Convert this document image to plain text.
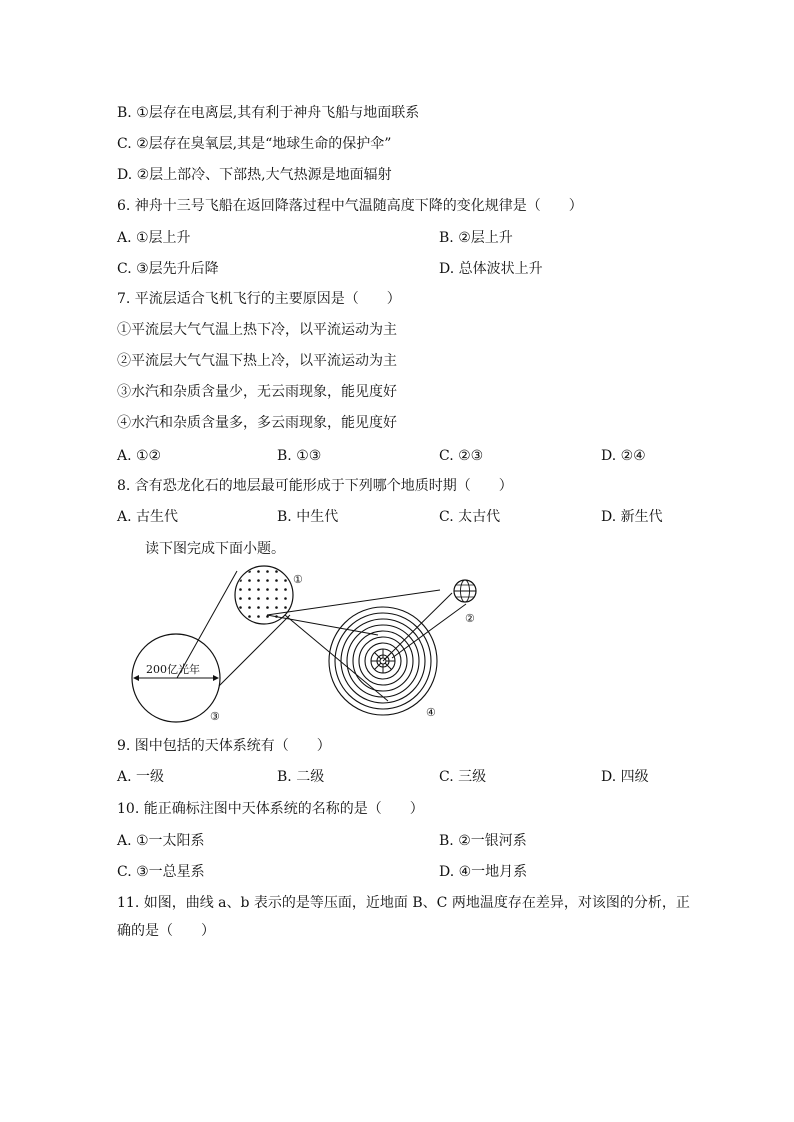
B. ①层存在电离层,其有利于神舟飞船与地面联系
C. ②层存在臭氧层,其是“地球生命的保护伞”
D. ②层上部冷、下部热,大气热源是地面辐射
6. 神舟十三号飞船在返回降落过程中气温随高度下降的变化规律是（　　）
A. ①层上升	B. ②层上升
C. ③层先升后降	D. 总体波状上升
7. 平流层适合飞机飞行的主要原因是（　　）
①平流层大气气温上热下冷，以平流运动为主
②平流层大气气温下热上冷，以平流运动为主
③水汽和杂质含量少，无云雨现象，能见度好
④水汽和杂质含量多，多云雨现象，能见度好
A. ①②	B. ①③	C. ②③	D. ②④
8. 含有恐龙化石的地层最可能形成于下列哪个地质时期（　　）
A. 古生代	B. 中生代	C. 太古代	D. 新生代
读下图完成下面小题。
200亿光年
①
④
②
③
9. 图中包括的天体系统有（　　）
A. 一级	B. 二级	C. 三级	D. 四级
10. 能正确标注图中天体系统的名称的是（　　）
A. ①一太阳系	B. ②一银河系
C. ③一总星系	D. ④一地月系
11. 如图，曲线 a、b 表示的是等压面，近地面 B、C 两地温度存在差异，对该图的分析，正
确的是（　　）
